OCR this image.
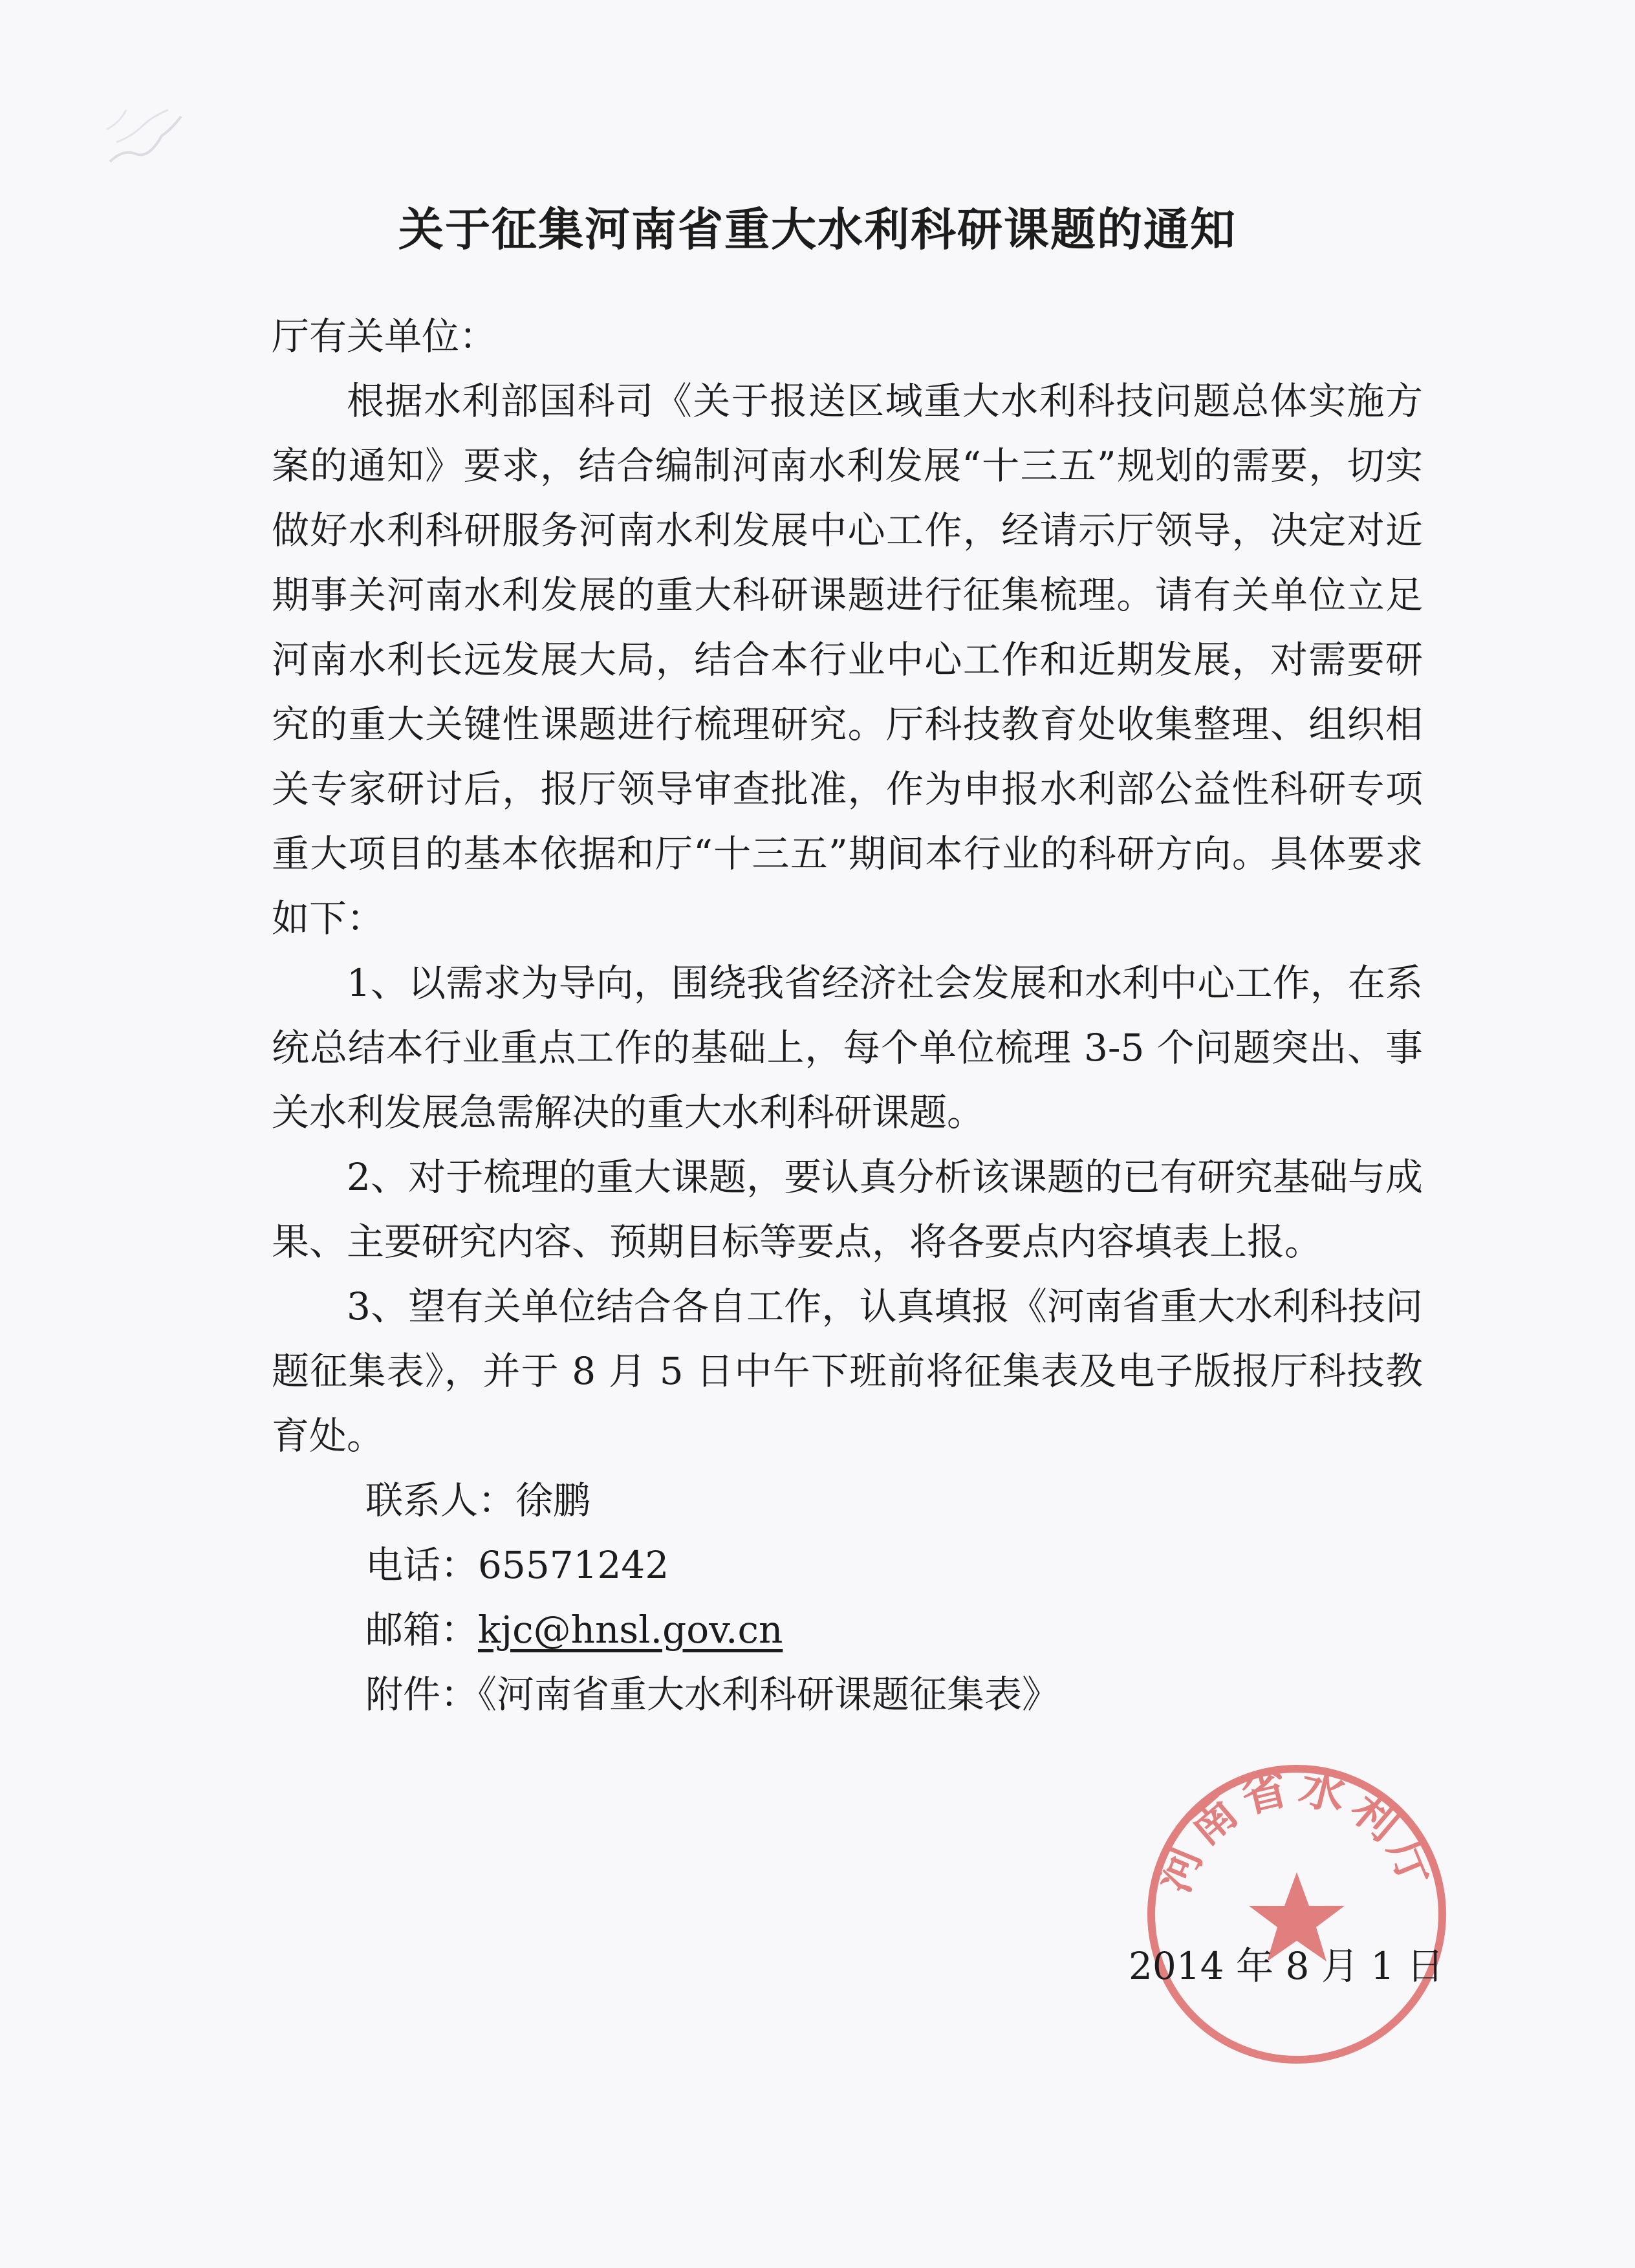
关于征集河南省重大水利科研课题的通知

厅有关单位：

根据水利部国科司《关于报送区域重大水利科技问题总体实施方案的通知》要求，结合编制河南水利发展“十三五”规划的需要，切实做好水利科研服务河南水利发展中心工作，经请示厅领导，决定对近期事关河南水利发展的重大科研课题进行征集梳理。请有关单位立足河南水利长远发展大局，结合本行业中心工作和近期发展，对需要研究的重大关键性课题进行梳理研究。厅科技教育处收集整理、组织相关专家研讨后，报厅领导审查批准，作为申报水利部公益性科研专项重大项目的基本依据和厅“十三五”期间本行业的科研方向。具体要求如下：

1、以需求为导向，围绕我省经济社会发展和水利中心工作，在系统总结本行业重点工作的基础上，每个单位梳理 3-5 个问题突出、事关水利发展急需解决的重大水利科研课题。

2、对于梳理的重大课题，要认真分析该课题的已有研究基础与成果、主要研究内容、预期目标等要点，将各要点内容填表上报。

3、望有关单位结合各自工作，认真填报《河南省重大水利科技问题征集表》，并于 8 月 5 日中午下班前将征集表及电子版报厅科技教育处。

联系人：徐鹏
电话：65571242
邮箱：kjc@hnsl.gov.cn
附件：《河南省重大水利科研课题征集表》
河南省水利厅
2014 年 8 月 1 日
